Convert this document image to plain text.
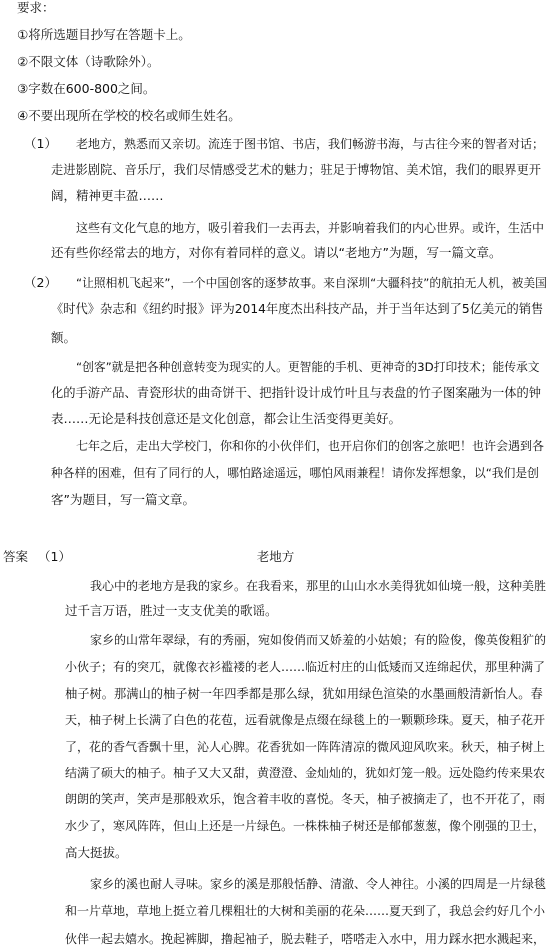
要求：
①将所选题目抄写在答题卡上。
②不限文体（诗歌除外）。
③字数在600-800之间。
④不要出现所在学校的校名或师生姓名。
（1） 老地方，熟悉而又亲切。流连于图书馆、书店，我们畅游书海，与古往今来的智者对话；
走进影剧院、音乐厅，我们尽情感受艺术的魅力；驻足于博物馆、美术馆，我们的眼界更开
阔，精神更丰盈……
这些有文化气息的地方，吸引着我们一去再去，并影响着我们的内心世界。或许，生活中
还有些你经常去的地方，对你有着同样的意义。请以“老地方”为题，写一篇文章。
（2） “让照相机飞起来”，一个中国创客的逐梦故事。来自深圳“大疆科技”的航拍无人机，被美国
《时代》杂志和《纽约时报》评为2014年度杰出科技产品，并于当年达到了5亿美元的销售
额。
“创客”就是把各种创意转变为现实的人。更智能的手机、更神奇的3D打印技术；能传承文
化的手游产品、青瓷形状的曲奇饼干、把指针设计成竹叶且与表盘的竹子图案融为一体的钟
表……无论是科技创意还是文化创意，都会让生活变得更美好。
七年之后，走出大学校门，你和你的小伙伴们，也开启你们的创客之旅吧！也许会遇到各
种各样的困难，但有了同行的人，哪怕路途遥远，哪怕风雨兼程！请你发挥想象，以“我们是创
客”为题目，写一篇文章。
答案 （1）	老地方
我心中的老地方是我的家乡。在我看来，那里的山山水水美得犹如仙境一般，这种美胜
过千言万语，胜过一支支优美的歌谣。
家乡的山常年翠绿，有的秀丽，宛如俊俏而又娇羞的小姑娘；有的险俊，像英俊粗犷的
小伙子；有的突兀，就像衣衫褴褛的老人……临近村庄的山低矮而又连绵起伏，那里种满了
柚子树。那满山的柚子树一年四季都是那么绿，犹如用绿色渲染的水墨画般清新怡人。春
天，柚子树上长满了白色的花苞，远看就像是点缀在绿毯上的一颗颗珍珠。夏天，柚子花开
了，花的香气香飘十里，沁人心脾。花香犹如一阵阵清凉的微风迎风吹来。秋天，柚子树上
结满了硕大的柚子。柚子又大又甜，黄澄澄、金灿灿的，犹如灯笼一般。远处隐约传来果农
朗朗的笑声，笑声是那般欢乐，饱含着丰收的喜悦。冬天，柚子被摘走了，也不开花了，雨
水少了，寒风阵阵，但山上还是一片绿色。一株株柚子树还是郁郁葱葱，像个刚强的卫士，
高大挺拔。
家乡的溪也耐人寻味。家乡的溪是那般恬静、清澈、令人神往。小溪的四周是一片绿毯
和一片草地，草地上挺立着几棵粗壮的大树和美丽的花朵……夏天到了，我总会约好几个小
伙伴一起去嬉水。挽起裤脚，撸起袖子，脱去鞋子，嗒嗒走入水中，用力踩水把水溅起来，
